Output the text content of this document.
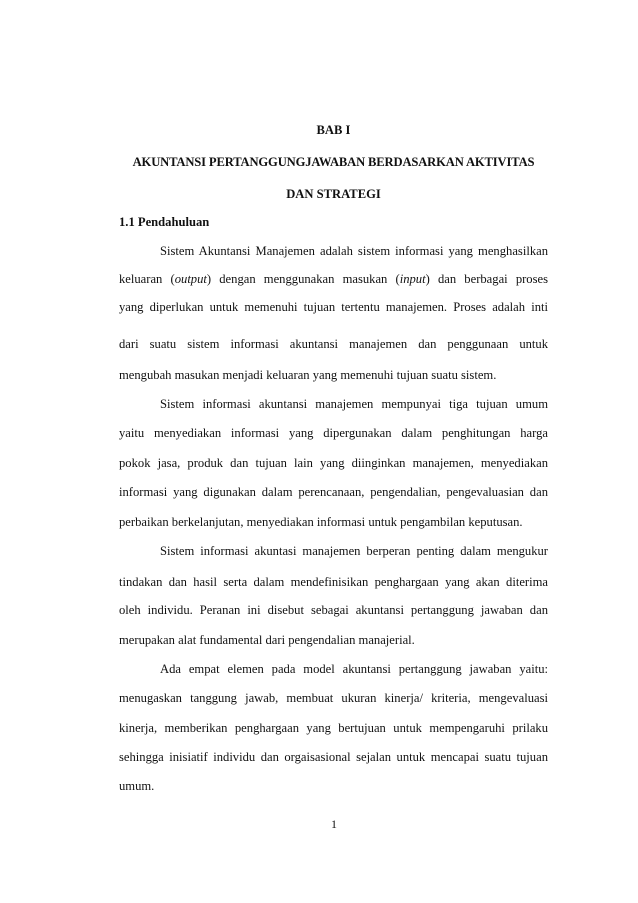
BAB I
AKUNTANSI PERTANGGUNGJAWABAN BERDASARKAN AKTIVITAS
DAN STRATEGI
1.1 Pendahuluan
Sistem Akuntansi Manajemen adalah sistem informasi yang menghasilkan
keluaran (output) dengan menggunakan masukan (input) dan berbagai proses
yang diperlukan untuk memenuhi tujuan tertentu manajemen. Proses adalah inti
dari suatu sistem informasi akuntansi manajemen dan penggunaan untuk
mengubah masukan menjadi keluaran yang memenuhi tujuan suatu sistem.
Sistem informasi akuntansi manajemen mempunyai tiga tujuan umum
yaitu menyediakan informasi yang dipergunakan dalam penghitungan harga
pokok jasa, produk dan tujuan lain yang diinginkan manajemen, menyediakan
informasi yang digunakan dalam perencanaan, pengendalian, pengevaluasian dan
perbaikan berkelanjutan, menyediakan informasi untuk pengambilan keputusan.
Sistem informasi akuntasi manajemen berperan penting dalam mengukur
tindakan dan hasil serta dalam mendefinisikan penghargaan yang akan diterima
oleh individu. Peranan ini disebut sebagai akuntansi pertanggung jawaban dan
merupakan alat fundamental dari pengendalian manajerial.
Ada empat elemen pada model akuntansi pertanggung jawaban yaitu:
menugaskan tanggung jawab, membuat ukuran kinerja/ kriteria, mengevaluasi
kinerja, memberikan penghargaan yang bertujuan untuk mempengaruhi prilaku
sehingga inisiatif individu dan orgaisasional sejalan untuk mencapai suatu tujuan
umum.
1
